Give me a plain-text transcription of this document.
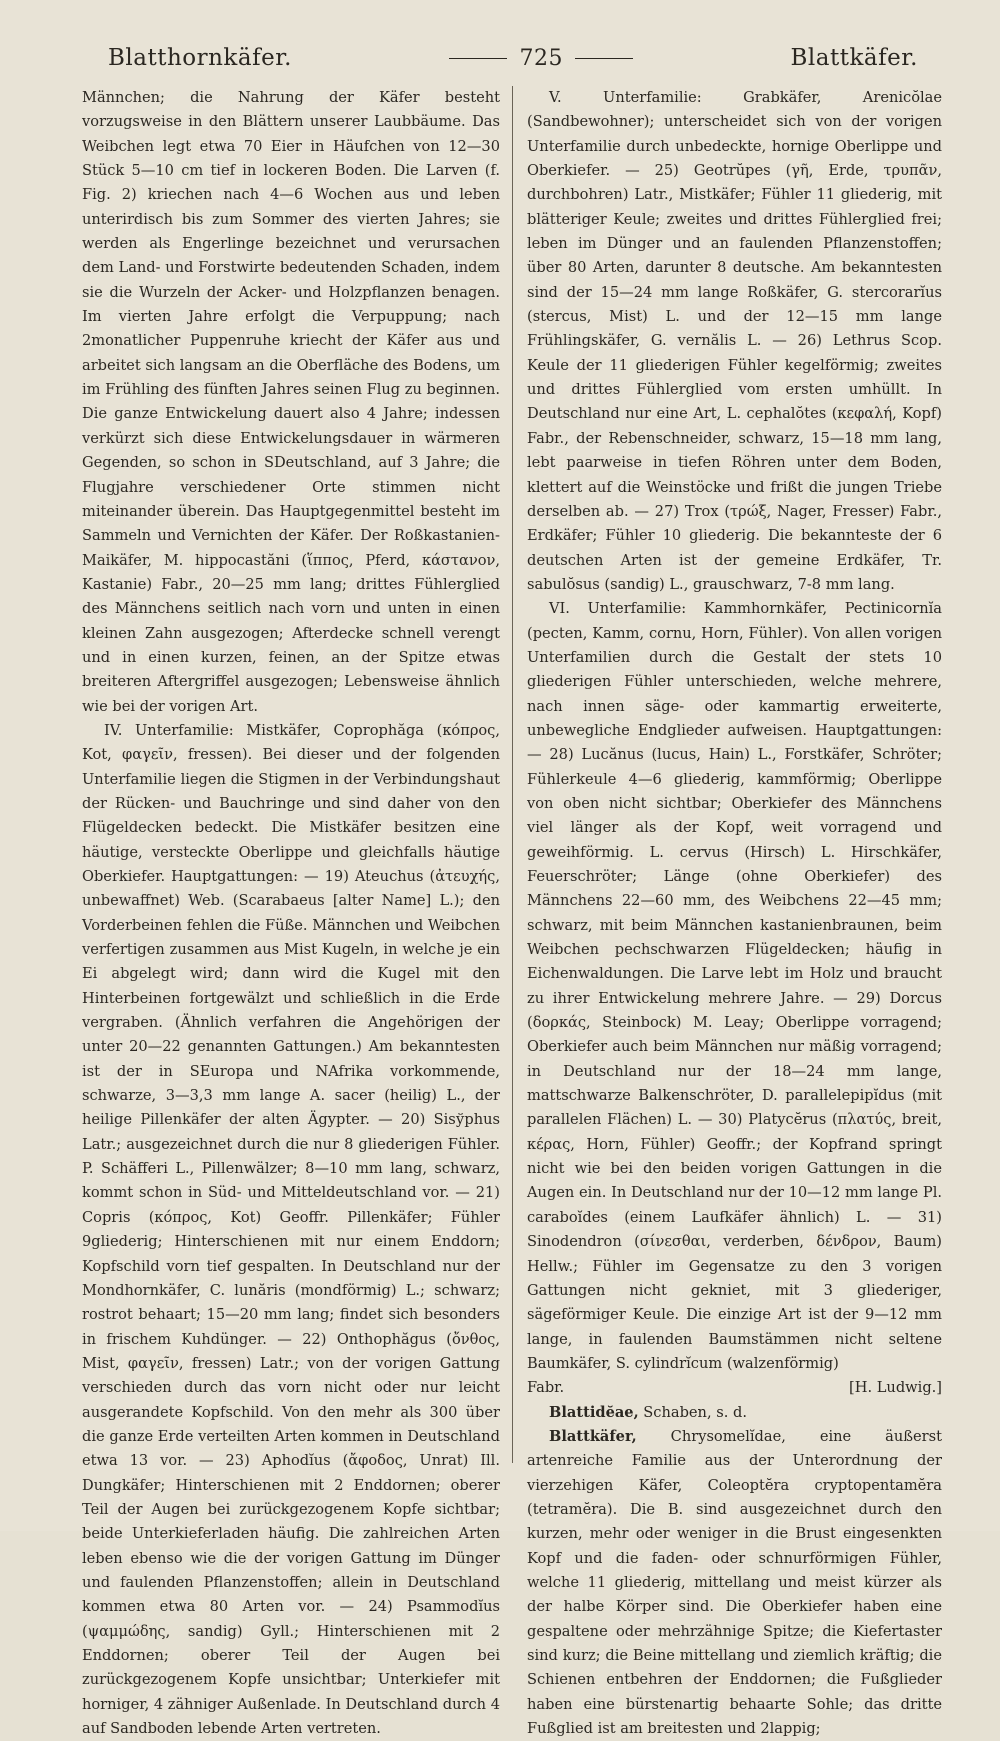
Blatthornkäfer.	725	Blattkäfer.

Männchen; die Nahrung der Käfer besteht vorzugsweise in den Blättern unserer Laubbäume. Das Weibchen legt etwa 70 Eier in Häufchen von 12—30 Stück 5—10 cm tief in lockeren Boden. Die Larven (f. Fig. 2) kriechen nach 4—6 Wochen aus und leben unterirdisch bis zum Sommer des vierten Jahres; sie werden als Engerlinge bezeichnet und verursachen dem Land- und Forstwirte bedeutenden Schaden, indem sie die Wurzeln der Acker- und Holzpflanzen benagen. Im vierten Jahre erfolgt die Verpuppung; nach 2monatlicher Puppenruhe kriecht der Käfer aus und arbeitet sich langsam an die Oberfläche des Bodens, um im Frühling des fünften Jahres seinen Flug zu beginnen. Die ganze Entwickelung dauert also 4 Jahre; indessen verkürzt sich diese Entwickelungsdauer in wärmeren Gegenden, so schon in SDeutschland, auf 3 Jahre; die Flugjahre verschiedener Orte stimmen nicht miteinander überein. Das Hauptgegenmittel besteht im Sammeln und Vernichten der Käfer. Der Roßkastanien-Maikäfer, M. hippocastăni (ἵππος, Pferd, κάστανον, Kastanie) Fabr., 20—25 mm lang; drittes Fühlerglied des Männchens seitlich nach vorn und unten in einen kleinen Zahn ausgezogen; Afterdecke schnell verengt und in einen kurzen, feinen, an der Spitze etwas breiteren Aftergriffel ausgezogen; Lebensweise ähnlich wie bei der vorigen Art.

IV. Unterfamilie: Mistkäfer, Coprophăga (κόπρος, Kot, φαγεῖν, fressen). Bei dieser und der folgenden Unterfamilie liegen die Stigmen in der Verbindungshaut der Rücken- und Bauchringe und sind daher von den Flügeldecken bedeckt. Die Mistkäfer besitzen eine häutige, versteckte Oberlippe und gleichfalls häutige Oberkiefer. Hauptgattungen: — 19) Ateuchus (ἀτευχής, unbewaffnet) Web. (Scarabaeus [alter Name] L.); den Vorderbeinen fehlen die Füße. Männchen und Weibchen verfertigen zusammen aus Mist Kugeln, in welche je ein Ei abgelegt wird; dann wird die Kugel mit den Hinterbeinen fortgewälzt und schließlich in die Erde vergraben. (Ähnlich verfahren die Angehörigen der unter 20—22 genannten Gattungen.) Am bekanntesten ist der in SEuropa und NAfrika vorkommende, schwarze, 3—3,3 mm lange A. sacer (heilig) L., der heilige Pillenkäfer der alten Ägypter. — 20) Sisўphus Latr.; ausgezeichnet durch die nur 8 gliederigen Fühler. P. Schäfferi L., Pillenwälzer; 8—10 mm lang, schwarz, kommt schon in Süd- und Mitteldeutschland vor. — 21) Copris (κόπρος, Kot) Geoffr. Pillenkäfer; Fühler 9gliederig; Hinterschienen mit nur einem Enddorn; Kopfschild vorn tief gespalten. In Deutschland nur der Mondhornkäfer, C. lunăris (mondförmig) L.; schwarz; rostrot behaart; 15—20 mm lang; findet sich besonders in frischem Kuhdünger. — 22) Onthophăgus (ὄνθος, Mist, φαγεῖν, fressen) Latr.; von der vorigen Gattung verschieden durch das vorn nicht oder nur leicht ausgerandete Kopfschild. Von den mehr als 300 über die ganze Erde verteilten Arten kommen in Deutschland etwa 13 vor. — 23) Aphodĭus (ἄφοδος, Unrat) Ill. Dungkäfer; Hinterschienen mit 2 Enddornen; oberer Teil der Augen bei zurückgezogenem Kopfe sichtbar; beide Unterkieferladen häufig. Die zahlreichen Arten leben ebenso wie die der vorigen Gattung im Dünger und faulenden Pflanzenstoffen; allein in Deutschland kommen etwa 80 Arten vor. — 24) Psammodĭus (ψαμμώδης, sandig) Gyll.; Hinterschienen mit 2 Enddornen; oberer Teil der Augen bei zurückgezogenem Kopfe unsichtbar; Unterkiefer mit horniger, 4 zähniger Außenlade. In Deutschland durch 4 auf Sandboden lebende Arten vertreten.

V. Unterfamilie: Grabkäfer, Arenicŏlae (Sandbewohner); unterscheidet sich von der vorigen Unterfamilie durch unbedeckte, hornige Oberlippe und Oberkiefer. — 25) Geotrŭpes (γῆ, Erde, τρυπᾶν, durchbohren) Latr., Mistkäfer; Fühler 11 gliederig, mit blätteriger Keule; zweites und drittes Fühlerglied frei; leben im Dünger und an faulenden Pflanzenstoffen; über 80 Arten, darunter 8 deutsche. Am bekanntesten sind der 15—24 mm lange Roßkäfer, G. stercorarĭus (stercus, Mist) L. und der 12—15 mm lange Frühlingskäfer, G. vernălis L. — 26) Lethrus Scop. Keule der 11 gliederigen Fühler kegelförmig; zweites und drittes Fühlerglied vom ersten umhüllt. In Deutschland nur eine Art, L. cephalŏtes (κεφαλή, Kopf) Fabr., der Rebenschneider, schwarz, 15—18 mm lang, lebt paarweise in tiefen Röhren unter dem Boden, klettert auf die Weinstöcke und frißt die jungen Triebe derselben ab. — 27) Trox (τρώξ, Nager, Fresser) Fabr., Erdkäfer; Fühler 10 gliederig. Die bekannteste der 6 deutschen Arten ist der gemeine Erdkäfer, Tr. sabulŏsus (sandig) L., grauschwarz, 7-8 mm lang.

VI. Unterfamilie: Kammhornkäfer, Pectinicornĭa (pecten, Kamm, cornu, Horn, Fühler). Von allen vorigen Unterfamilien durch die Gestalt der stets 10 gliederigen Fühler unterschieden, welche mehrere, nach innen säge- oder kammartig erweiterte, unbewegliche Endglieder aufweisen. Hauptgattungen: — 28) Lucănus (lucus, Hain) L., Forstkäfer, Schröter; Fühlerkeule 4—6 gliederig, kammförmig; Oberlippe von oben nicht sichtbar; Oberkiefer des Männchens viel länger als der Kopf, weit vorragend und geweihförmig. L. cervus (Hirsch) L. Hirschkäfer, Feuerschröter; Länge (ohne Oberkiefer) des Männchens 22—60 mm, des Weibchens 22—45 mm; schwarz, mit beim Männchen kastanienbraunen, beim Weibchen pechschwarzen Flügeldecken; häufig in Eichenwaldungen. Die Larve lebt im Holz und braucht zu ihrer Entwickelung mehrere Jahre. — 29) Dorcus (δορκάς, Steinbock) M. Leay; Oberlippe vorragend; Oberkiefer auch beim Männchen nur mäßig vorragend; in Deutschland nur der 18—24 mm lange, mattschwarze Balkenschröter, D. parallelepipĭdus (mit parallelen Flächen) L. — 30) Platycĕrus (πλατύς, breit, κέρας, Horn, Fühler) Geoffr.; der Kopfrand springt nicht wie bei den beiden vorigen Gattungen in die Augen ein. In Deutschland nur der 10—12 mm lange Pl. caraboĭdes (einem Laufkäfer ähnlich) L. — 31) Sinodendron (σίνεσθαι, verderben, δένδρον, Baum) Hellw.; Fühler im Gegensatze zu den 3 vorigen Gattungen nicht gekniet, mit 3 gliederiger, sägeförmiger Keule. Die einzige Art ist der 9—12 mm lange, in faulenden Baumstämmen nicht seltene Baumkäfer, S. cylindrĭcum (walzenförmig)

Fabr.	[H. Ludwig.]

Blattidĕae, Schaben, s. d.

Blattkäfer, Chrysomelĭdae, eine äußerst artenreiche Familie aus der Unterordnung der vierzehigen Käfer, Coleoptĕra cryptopentamĕra (tetramĕra). Die B. sind ausgezeichnet durch den kurzen, mehr oder weniger in die Brust eingesenkten Kopf und die faden- oder schnurförmigen Fühler, welche 11 gliederig, mittellang und meist kürzer als der halbe Körper sind. Die Oberkiefer haben eine gespaltene oder mehrzähnige Spitze; die Kiefertaster sind kurz; die Beine mittellang und ziemlich kräftig; die Schienen entbehren der Enddornen; die Fußglieder haben eine bürstenartig behaarte Sohle; das dritte Fußglied ist am breitesten und 2lappig;
